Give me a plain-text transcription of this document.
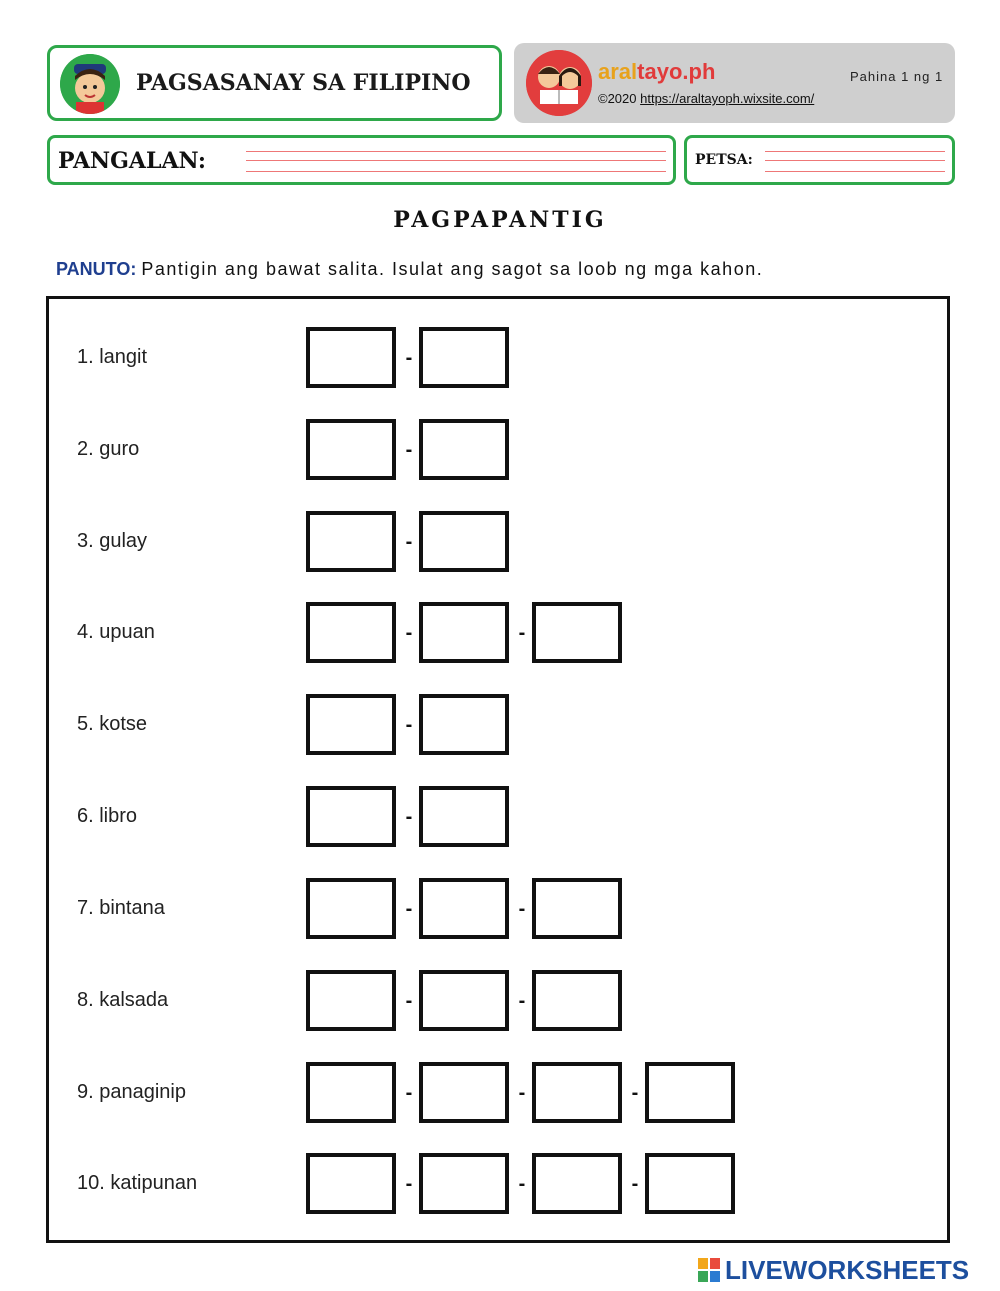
PAGSASANAY SA FILIPINO	araltayo.ph
©2020 https://araltayoph.wixsite.com/
Pahina 1 ng 1
PANGALAN:	PETSA:
PAGPAPANTIG
PANUTO: Pantigin ang bawat salita. Isulat ang sagot sa loob ng mga kahon.
1. langit	-
2. guro	-
3. gulay	-
4. upuan	-	-
5. kotse	-
6. libro	-
7. bintana	-	-
8. kalsada	-	-
9. panaginip	-	-	-
10. katipunan	-	-	-
LIVEWORKSHEETS
